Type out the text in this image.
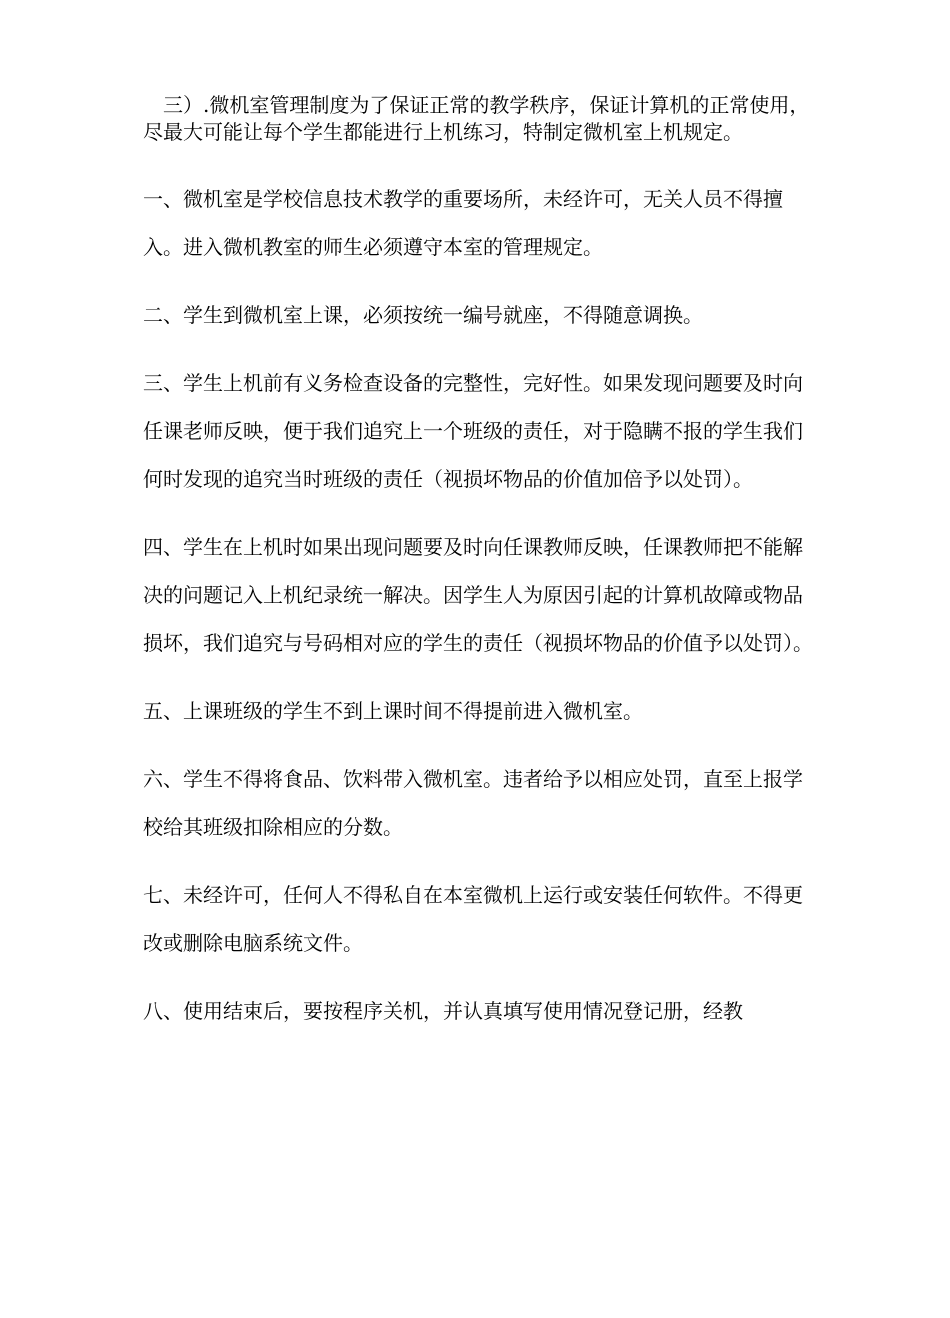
三）.微机室管理制度为了保证正常的教学秩序，保证计算机的正常使用，尽最大可能让每个学生都能进行上机练习，特制定微机室上机规定。

一、微机室是学校信息技术教学的重要场所，未经许可，无关人员不得擅入。进入微机教室的师生必须遵守本室的管理规定。

二、学生到微机室上课，必须按统一编号就座，不得随意调换。

三、学生上机前有义务检查设备的完整性，完好性。如果发现问题要及时向任课老师反映，便于我们追究上一个班级的责任，对于隐瞒不报的学生我们何时发现的追究当时班级的责任（视损坏物品的价值加倍予以处罚）。

四、学生在上机时如果出现问题要及时向任课教师反映，任课教师把不能解决的问题记入上机纪录统一解决。因学生人为原因引起的计算机故障或物品损坏，我们追究与号码相对应的学生的责任（视损坏物品的价值予以处罚）。

五、上课班级的学生不到上课时间不得提前进入微机室。

六、学生不得将食品、饮料带入微机室。违者给予以相应处罚，直至上报学校给其班级扣除相应的分数。

七、未经许可，任何人不得私自在本室微机上运行或安装任何软件。不得更改或删除电脑系统文件。

八、使用结束后，要按程序关机，并认真填写使用情况登记册，经教
